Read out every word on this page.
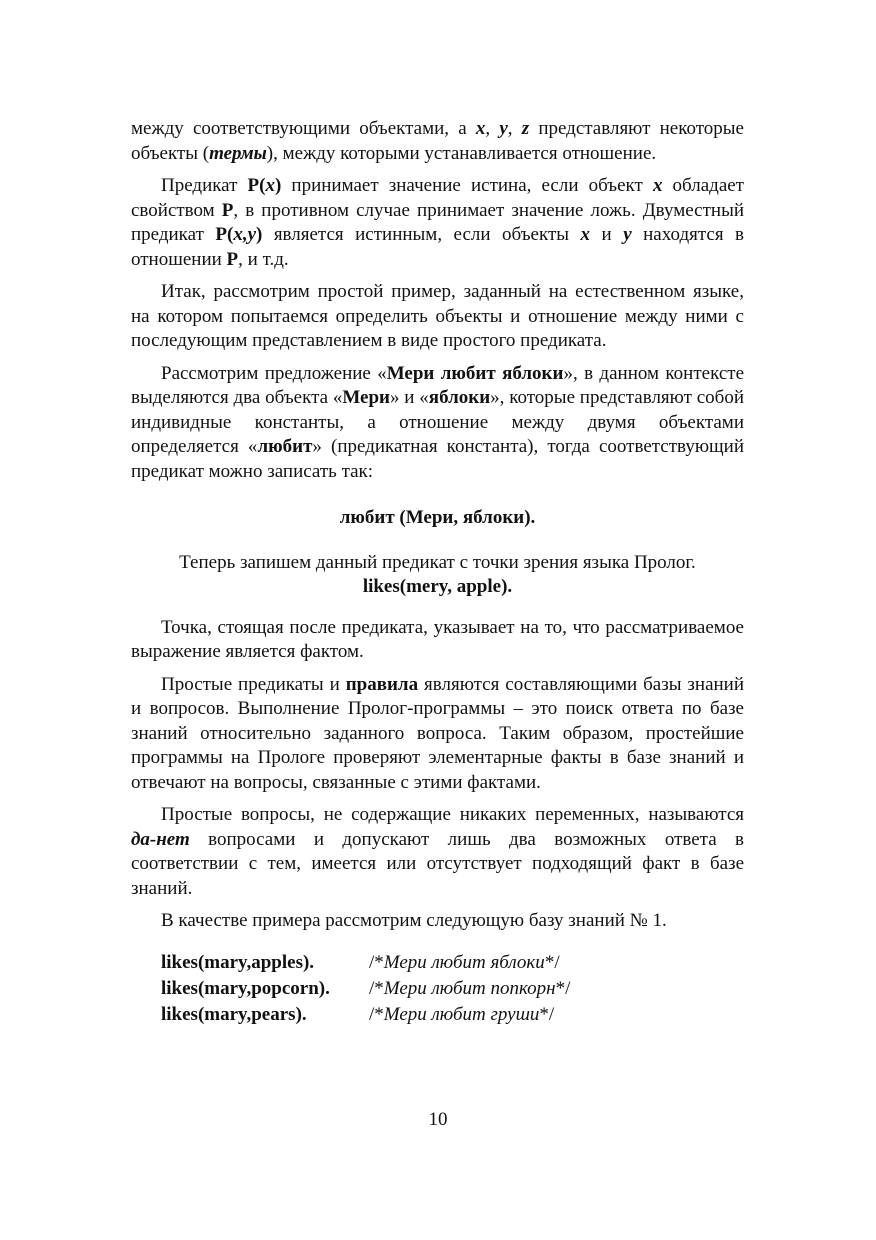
между соответствующими объектами, а x, y, z представляют некоторые объекты (термы), между которыми устанавливается отношение.

Предикат P(x) принимает значение истина, если объект x обладает свойством P, в противном случае принимает значение ложь. Двуместный предикат P(x,y) является истинным, если объекты x и y находятся в отношении P, и т.д.

Итак, рассмотрим простой пример, заданный на естественном языке, на котором попытаемся определить объекты и отношение между ними с последующим представлением в виде простого предиката.

Рассмотрим предложение «Мери любит яблоки», в данном контексте выделяются два объекта «Мери» и «яблоки», которые представляют собой индивидные константы, а отношение между двумя объектами определяется «любит» (предикатная константа), тогда соответствующий предикат можно записать так:

любит (Мери, яблоки).

Теперь запишем данный предикат с точки зрения языка Пролог.

likes(mery, apple).

Точка, стоящая после предиката, указывает на то, что рассматриваемое выражение является фактом.

Простые предикаты и правила являются составляющими базы знаний и вопросов. Выполнение Пролог-программы – это поиск ответа по базе знаний относительно заданного вопроса. Таким образом, простейшие программы на Прологе проверяют элементарные факты в базе знаний и отвечают на вопросы, связанные с этими фактами.

Простые вопросы, не содержащие никаких переменных, называются да-нет вопросами и допускают лишь два возможных ответа в соответствии с тем, имеется или отсутствует подходящий факт в базе знаний.

В качестве примера рассмотрим следующую базу знаний № 1.

likes(mary,apples).	/*Мери любит яблоки*/
likes(mary,popcorn).	/*Мери любит попкорн*/
likes(mary,pears).	/*Мери любит груши*/
10
